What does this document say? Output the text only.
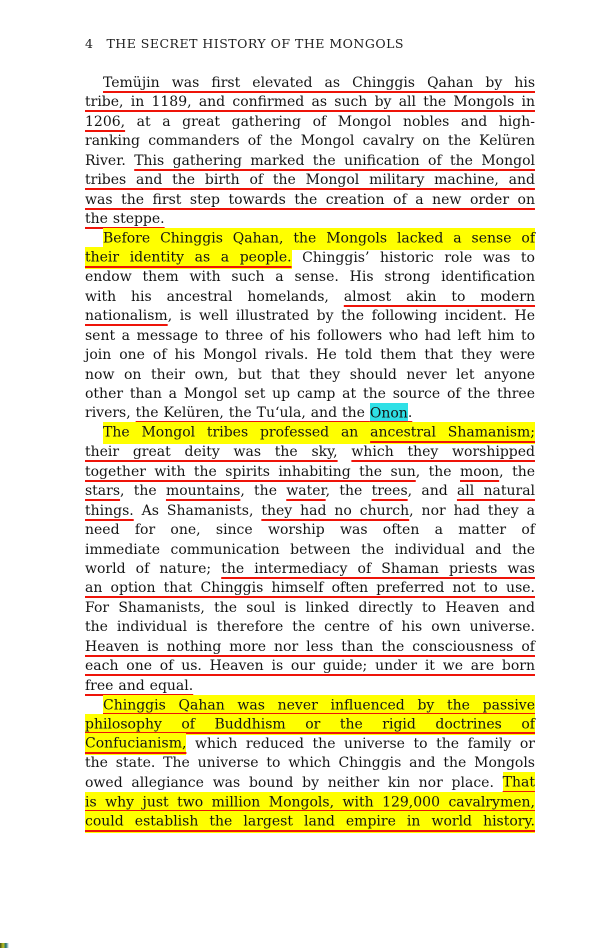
4 THE SECRET HISTORY OF THE MONGOLS
Temüjin was first elevated as Chinggis Qahan by his
tribe, in 1189, and confirmed as such by all the Mongols in
1206, at a great gathering of Mongol nobles and high-
ranking commanders of the Mongol cavalry on the Kelüren
River. This gathering marked the unification of the Mongol
tribes and the birth of the Mongol military machine, and
was the first step towards the creation of a new order on
the steppe.
Before Chinggis Qahan, the Mongols lacked a sense of
their identity as a people. Chinggis’ historic role was to
endow them with such a sense. His strong identification
with his ancestral homelands, almost akin to modern
nationalism, is well illustrated by the following incident. He
sent a message to three of his followers who had left him to
join one of his Mongol rivals. He told them that they were
now on their own, but that they should never let anyone
other than a Mongol set up camp at the source of the three
rivers, the Kelüren, the Tu‘ula, and the Onon.
The Mongol tribes professed an ancestral Shamanism;
their great deity was the sky, which they worshipped
together with the spirits inhabiting the sun, the moon, the
stars, the mountains, the water, the trees, and all natural
things. As Shamanists, they had no church, nor had they a
need for one, since worship was often a matter of
immediate communication between the individual and the
world of nature; the intermediacy of Shaman priests was
an option that Chinggis himself often preferred not to use.
For Shamanists, the soul is linked directly to Heaven and
the individual is therefore the centre of his own universe.
Heaven is nothing more nor less than the consciousness of
each one of us. Heaven is our guide; under it we are born
free and equal.
Chinggis Qahan was never influenced by the passive
philosophy of Buddhism or the rigid doctrines of
Confucianism, which reduced the universe to the family or
the state. The universe to which Chinggis and the Mongols
owed allegiance was bound by neither kin nor place. That
is why just two million Mongols, with 129,000 cavalrymen,
could establish the largest land empire in world history.
